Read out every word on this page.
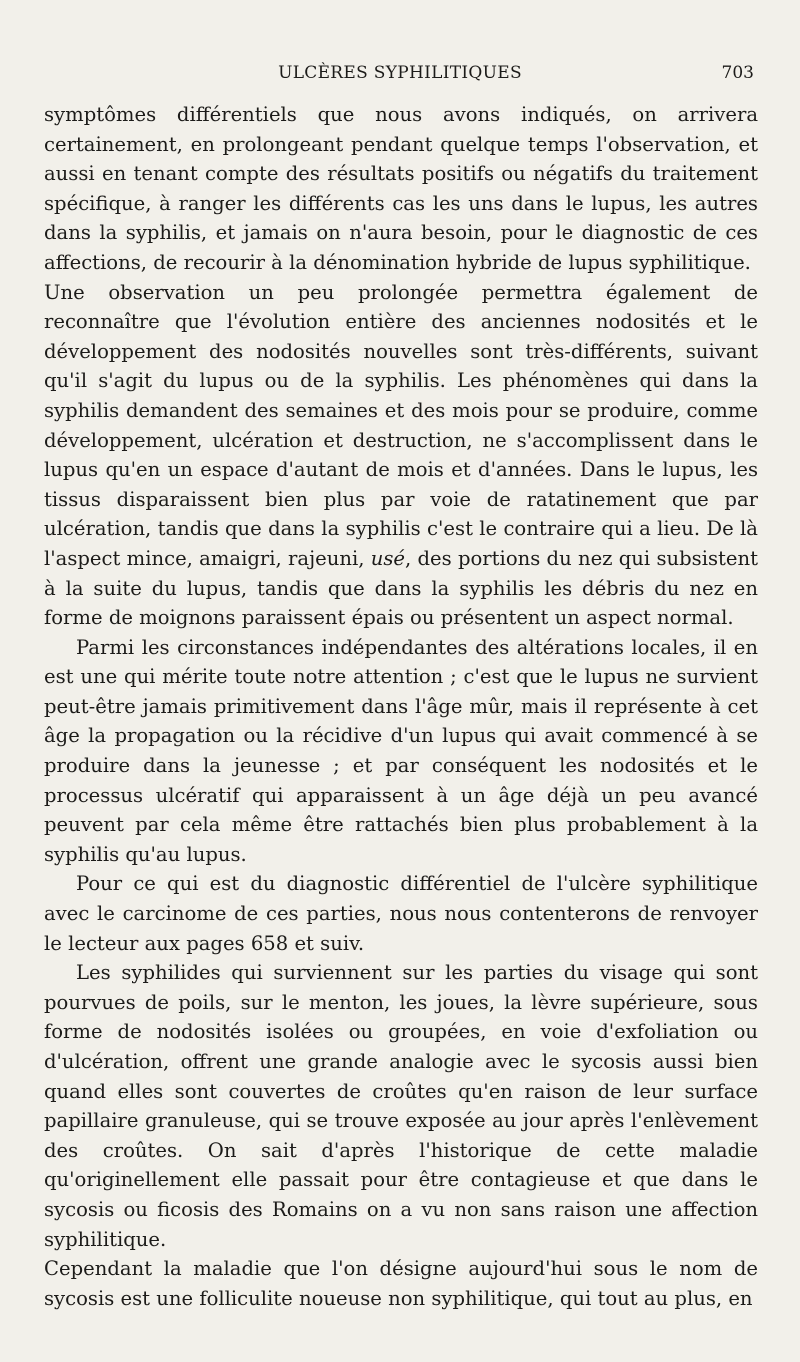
ULCÈRES SYPHILITIQUES	703

symptômes différentiels que nous avons indiqués, on arrivera certainement, en prolongeant pendant quelque temps l'observation, et aussi en tenant compte des résultats positifs ou négatifs du traitement spécifique, à ranger les différents cas les uns dans le lupus, les autres dans la syphilis, et jamais on n'aura besoin, pour le diagnostic de ces affections, de recourir à la dénomination hybride de lupus syphilitique.

Une observation un peu prolongée permettra également de reconnaître que l'évolution entière des anciennes nodosités et le développement des nodosités nouvelles sont très-différents, suivant qu'il s'agit du lupus ou de la syphilis. Les phénomènes qui dans la syphilis demandent des semaines et des mois pour se produire, comme développement, ulcération et destruction, ne s'accomplissent dans le lupus qu'en un espace d'autant de mois et d'années. Dans le lupus, les tissus disparaissent bien plus par voie de ratatinement que par ulcération, tandis que dans la syphilis c'est le contraire qui a lieu. De là l'aspect mince, amaigri, rajeuni, usé, des portions du nez qui subsistent à la suite du lupus, tandis que dans la syphilis les débris du nez en forme de moignons paraissent épais ou présentent un aspect normal.

Parmi les circonstances indépendantes des altérations locales, il en est une qui mérite toute notre attention ; c'est que le lupus ne survient peut-être jamais primitivement dans l'âge mûr, mais il représente à cet âge la propagation ou la récidive d'un lupus qui avait commencé à se produire dans la jeunesse ; et par conséquent les nodosités et le processus ulcératif qui apparaissent à un âge déjà un peu avancé peuvent par cela même être rattachés bien plus probablement à la syphilis qu'au lupus.

Pour ce qui est du diagnostic différentiel de l'ulcère syphilitique avec le carcinome de ces parties, nous nous contenterons de renvoyer le lecteur aux pages 658 et suiv.

Les syphilides qui surviennent sur les parties du visage qui sont pourvues de poils, sur le menton, les joues, la lèvre supérieure, sous forme de nodosités isolées ou groupées, en voie d'exfoliation ou d'ulcération, offrent une grande analogie avec le sycosis aussi bien quand elles sont couvertes de croûtes qu'en raison de leur surface papillaire granuleuse, qui se trouve exposée au jour après l'enlèvement des croûtes. On sait d'après l'historique de cette maladie qu'originellement elle passait pour être contagieuse et que dans le sycosis ou ficosis des Romains on a vu non sans raison une affection syphilitique.

Cependant la maladie que l'on désigne aujourd'hui sous le nom de sycosis est une folliculite noueuse non syphilitique, qui tout au plus, en
